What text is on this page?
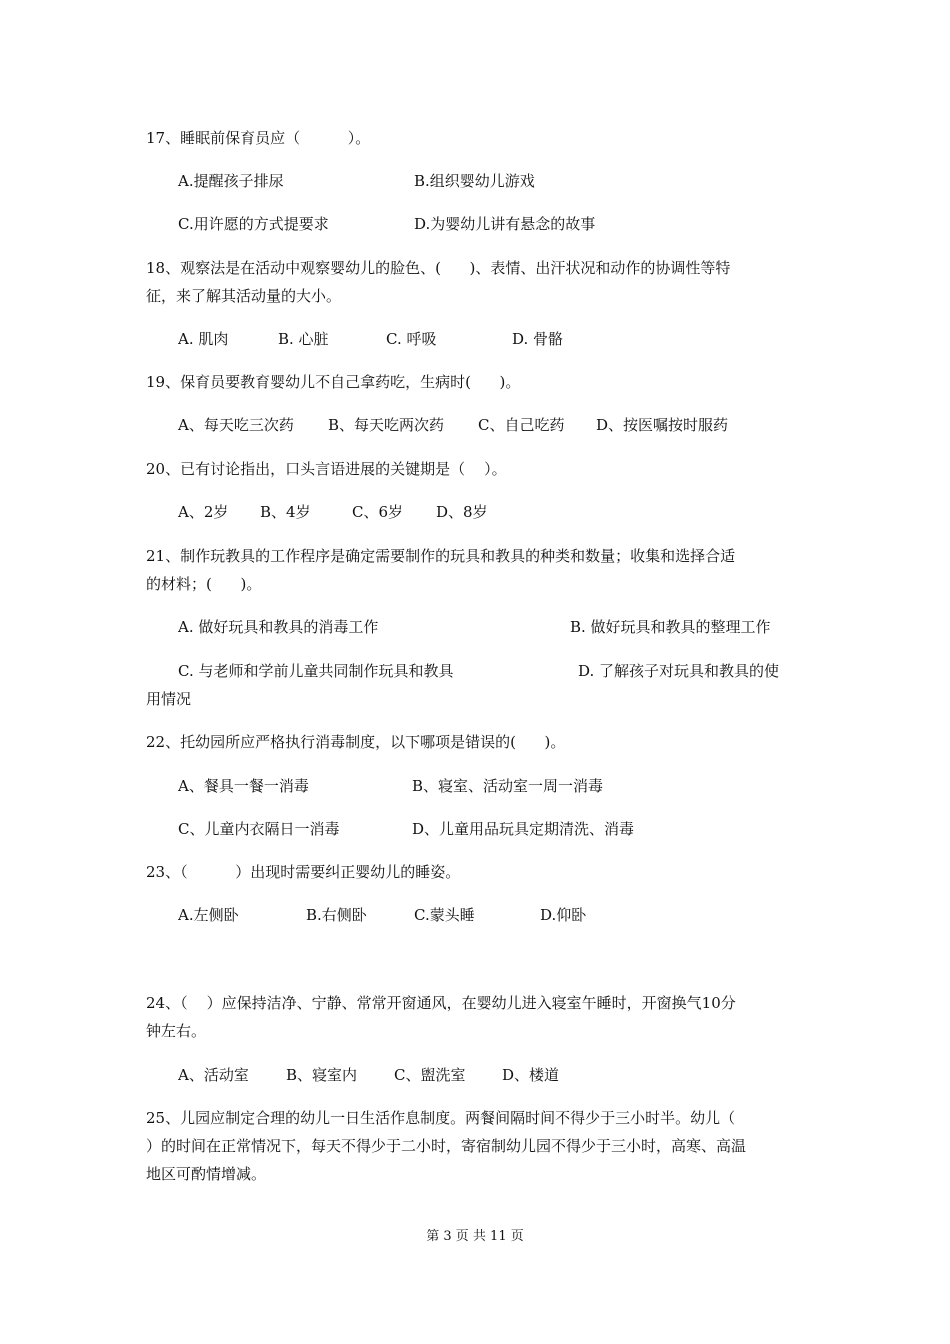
17、睡眠前保育员应（          ）。

A.提醒孩子排尿	B.组织婴幼儿游戏
C.用许愿的方式提要求	D.为婴幼儿讲有悬念的故事

18、观察法是在活动中观察婴幼儿的脸色、(      )、表情、出汗状况和动作的协调性等特

征，来了解其活动量的大小。

A. 肌肉	B. 心脏	C. 呼吸	D. 骨骼

19、保育员要教育婴幼儿不自己拿药吃，生病时(      )。

A、每天吃三次药 B、每天吃两次药 C、自己吃药 D、按医嘱按时服药

20、已有讨论指出，口头言语进展的关键期是（    ）。

A、2岁 B、4岁	C、6岁 D、8岁

21、制作玩教具的工作程序是确定需要制作的玩具和教具的种类和数量；收集和选择合适

的材料；(      )。

A. 做好玩具和教具的消毒工作	B. 做好玩具和教具的整理工作
C. 与老师和学前儿童共同制作玩具和教具	D. 了解孩子对玩具和教具的使

用情况

22、托幼园所应严格执行消毒制度，以下哪项是错误的(      )。

A、餐具一餐一消毒	B、寝室、活动室一周一消毒
C、儿童内衣隔日一消毒	D、儿童用品玩具定期清洗、消毒

23、（          ）出现时需要纠正婴幼儿的睡姿。

A.左侧卧	B.右侧卧	C.蒙头睡	D.仰卧

24、（    ）应保持洁净、宁静、常常开窗通风，在婴幼儿进入寝室午睡时，开窗换气10分

钟左右。

A、活动室 B、寝室内 C、盥洗室 D、楼道

25、儿园应制定合理的幼儿一日生活作息制度。两餐间隔时间不得少于三小时半。幼儿（

）的时间在正常情况下，每天不得少于二小时，寄宿制幼儿园不得少于三小时，高寒、高温

地区可酌情增减。

第 3 页 共 11 页
